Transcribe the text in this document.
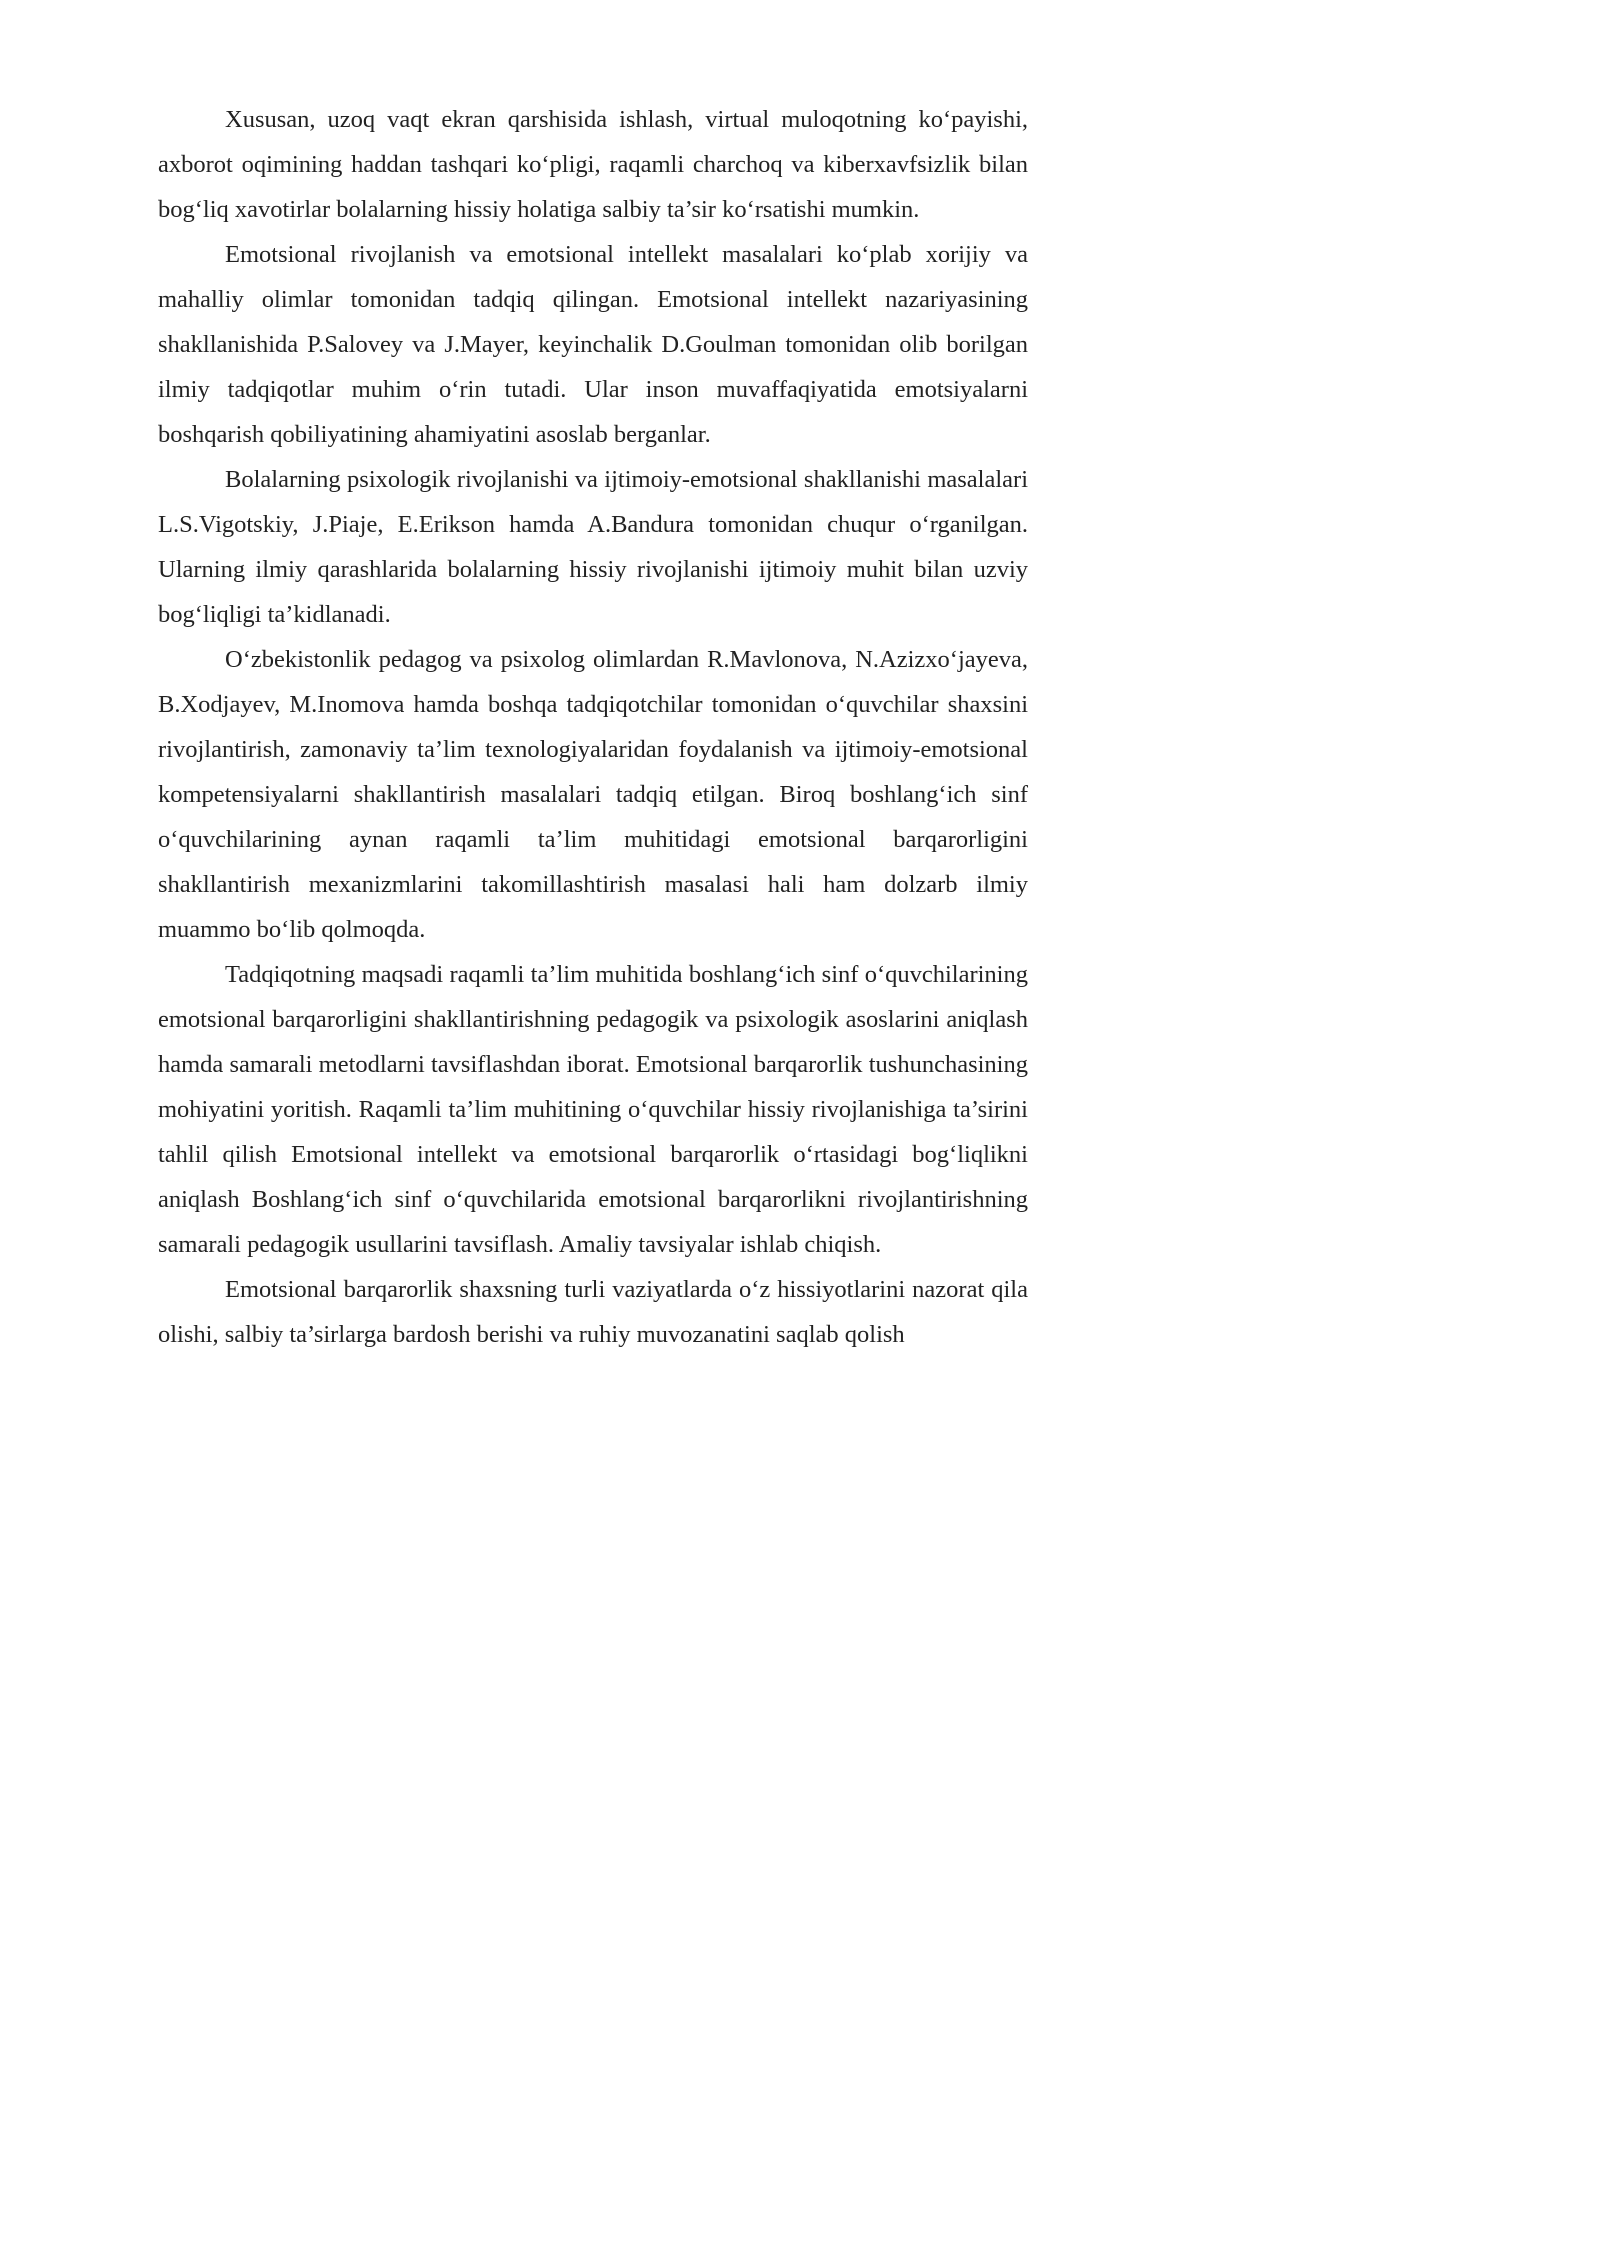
Xususan, uzoq vaqt ekran qarshisida ishlash, virtual muloqotning ko‘payishi, axborot oqimining haddan tashqari ko‘pligi, raqamli charchoq va kiberxavfsizlik bilan bog‘liq xavotirlar bolalarning hissiy holatiga salbiy ta’sir ko‘rsatishi mumkin.

Emotsional rivojlanish va emotsional intellekt masalalari ko‘plab xorijiy va mahalliy olimlar tomonidan tadqiq qilingan. Emotsional intellekt nazariyasining shakllanishida P.Salovey va J.Mayer, keyinchalik D.Goulman tomonidan olib borilgan ilmiy tadqiqotlar muhim o‘rin tutadi. Ular inson muvaffaqiyatida emotsiyalarni boshqarish qobiliyatining ahamiyatini asoslab berganlar.

Bolalarning psixologik rivojlanishi va ijtimoiy-emotsional shakllanishi masalalari L.S.Vigotskiy, J.Piaje, E.Erikson hamda A.Bandura tomonidan chuqur o‘rganilgan. Ularning ilmiy qarashlarida bolalarning hissiy rivojlanishi ijtimoiy muhit bilan uzviy bog‘liqligi ta’kidlanadi.

O‘zbekistonlik pedagog va psixolog olimlardan R.Mavlonova, N.Azizxo‘jayeva, B.Xodjayev, M.Inomova hamda boshqa tadqiqotchilar tomonidan o‘quvchilar shaxsini rivojlantirish, zamonaviy ta’lim texnologiyalaridan foydalanish va ijtimoiy-emotsional kompetensiyalarni shakllantirish masalalari tadqiq etilgan. Biroq boshlang‘ich sinf o‘quvchilarining aynan raqamli ta’lim muhitidagi emotsional barqarorligini shakllantirish mexanizmlarini takomillashtirish masalasi hali ham dolzarb ilmiy muammo bo‘lib qolmoqda.

Tadqiqotning maqsadi raqamli ta’lim muhitida boshlang‘ich sinf o‘quvchilarining emotsional barqarorligini shakllantirishning pedagogik va psixologik asoslarini aniqlash hamda samarali metodlarni tavsiflashdan iborat. Emotsional barqarorlik tushunchasining mohiyatini yoritish. Raqamli ta’lim muhitining o‘quvchilar hissiy rivojlanishiga ta’sirini tahlil qilish Emotsional intellekt va emotsional barqarorlik o‘rtasidagi bog‘liqlikni aniqlash Boshlang‘ich sinf o‘quvchilarida emotsional barqarorlikni rivojlantirishning samarali pedagogik usullarini tavsiflash. Amaliy tavsiyalar ishlab chiqish.

Emotsional barqarorlik shaxsning turli vaziyatlarda o‘z hissiyotlarini nazorat qila olishi, salbiy ta’sirlarga bardosh berishi va ruhiy muvozanatini saqlab qolish
